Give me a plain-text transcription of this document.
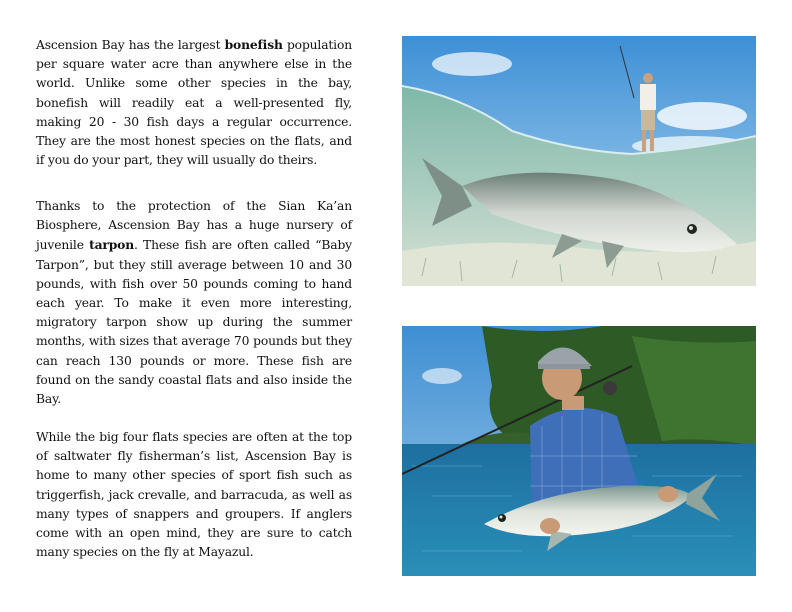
Ascension Bay has the largest bonefish population per square water acre than anywhere else in the world. Unlike some other species in the bay, bonefish will readily eat a well-presented fly, making 20 - 30 fish days a regular occurrence. They are the most honest species on the flats, and if you do your part, they will usually do theirs.

Thanks to the protection of the Sian Ka’an Biosphere, Ascension Bay has a huge nursery of juvenile tarpon. These fish are often called “Baby Tarpon”, but they still average between 10 and 30 pounds, with fish over 50 pounds coming to hand each year. To make it even more interesting, migratory tarpon show up during the summer months, with sizes that average 70 pounds but they can reach 130 pounds or more. These fish are found on the sandy coastal flats and also inside the Bay.

While the big four flats species are often at the top of saltwater fly fisherman’s list, Ascension Bay is home to many other species of sport fish such as triggerfish, jack crevalle, and barracuda, as well as many types of snappers and groupers. If anglers come with an open mind, they are sure to catch many species on the fly at Mayazul.
